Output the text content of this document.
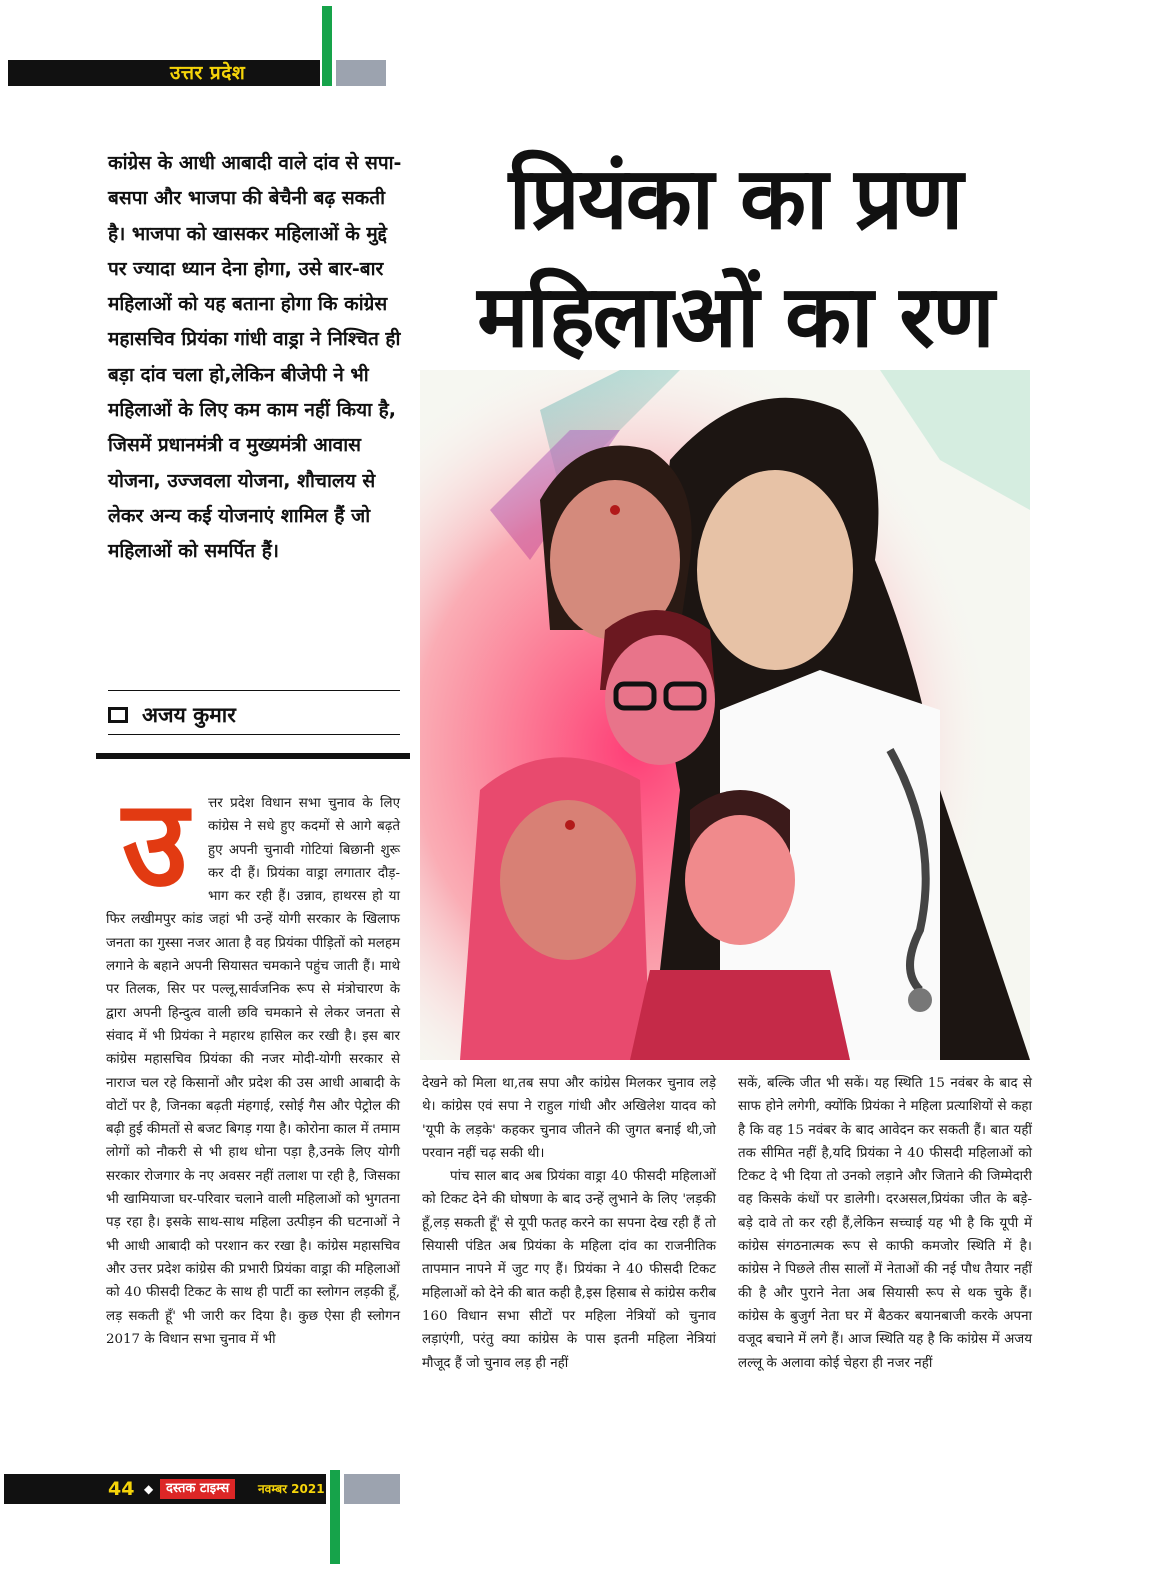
उत्तर प्रदेश
कांग्रेस के आधी आबादी वाले दांव से सपा-बसपा और भाजपा की बेचैनी बढ़ सकती है। भाजपा को खासकर महिलाओं के मुद्दे पर ज्यादा ध्यान देना होगा, उसे बार-बार महिलाओं को यह बताना होगा कि कांग्रेस महासचिव प्रियंका गांधी वाड्रा ने निश्चित ही बड़ा दांव चला हो,लेकिन बीजेपी ने भी महिलाओं के लिए कम काम नहीं किया है, जिसमें प्रधानमंत्री व मुख्यमंत्री आवास योजना, उज्जवला योजना, शौचालय से लेकर अन्य कई योजनाएं शामिल हैं जो महिलाओं को समर्पित हैं।
अजय कुमार
प्रियंका का प्रण
महिलाओं का रण
उ	त्तर प्रदेश विधान सभा चुनाव के लिए कांग्रेस ने सधे हुए कदमों से आगे बढ़ते हुए अपनी चुनावी गोटियां बिछानी शुरू कर दी हैं। प्रियंका वाड्रा लगातार दौड़-भाग कर रही हैं। उन्नाव, हाथरस हो या फिर लखीमपुर कांड जहां भी उन्हें योगी सरकार के खिलाफ जनता का गुस्सा नजर आता है वह प्रियंका पीड़ितों को मलहम लगाने के बहाने अपनी सियासत चमकाने पहुंच जाती हैं। माथे पर तिलक, सिर पर पल्लू,सार्वजनिक रूप से मंत्रोचारण के द्वारा अपनी हिन्दुत्व वाली छवि चमकाने से लेकर जनता से संवाद में भी प्रियंका ने महारथ हासिल कर रखी है। इस बार कांग्रेस महासचिव प्रियंका की नजर मोदी-योगी सरकार से नाराज चल रहे किसानों और प्रदेश की उस आधी आबादी के वोटों पर है, जिनका बढ़ती मंहगाई, रसोई गैस और पेट्रोल की बढ़ी हुई कीमतों से बजट बिगड़ गया है। कोरोना काल में तमाम लोगों को नौकरी से भी हाथ धोना पड़ा है,उनके लिए योगी सरकार रोजगार के नए अवसर नहीं तलाश पा रही है, जिसका भी खामियाजा घर-परिवार चलाने वाली महिलाओं को भुगतना पड़ रहा है। इसके साथ-साथ महिला उत्पीड़न की घटनाओं ने भी आधी आबादी को परशान कर रखा है। कांग्रेस महासचिव और उत्तर प्रदेश कांग्रेस की प्रभारी प्रियंका वाड्रा की महिलाओं को 40 फीसदी टिकट के साथ ही पार्टी का स्लोगन लड़की हूँ, लड़ सकती हूँ' भी जारी कर दिया है। कुछ ऐसा ही स्लोगन 2017 के विधान सभा चुनाव में भी

देखने को मिला था,तब सपा और कांग्रेस मिलकर चुनाव लड़े थे। कांग्रेस एवं सपा ने राहुल गांधी और अखिलेश यादव को 'यूपी के लड़के' कहकर चुनाव जीतने की जुगत बनाई थी,जो परवान नहीं चढ़ सकी थी।

पांच साल बाद अब प्रियंका वाड्रा 40 फीसदी महिलाओं को टिकट देने की घोषणा के बाद उन्हें लुभाने के लिए 'लड़की हूँ,लड़ सकती हूँ' से यूपी फतह करने का सपना देख रही हैं तो सियासी पंडित अब प्रियंका के महिला दांव का राजनीतिक तापमान नापने में जुट गए हैं। प्रियंका ने 40 फीसदी टिकट महिलाओं को देने की बात कही है,इस हिसाब से कांग्रेस करीब 160 विधान सभा सीटों पर महिला नेत्रियों को चुनाव लड़ाएंगी, परंतु क्या कांग्रेस के पास इतनी महिला नेत्रियां मौजूद हैं जो चुनाव लड़ ही नहीं

सकें, बल्कि जीत भी सकें। यह स्थिति 15 नवंबर के बाद से साफ होने लगेगी, क्योंकि प्रियंका ने महिला प्रत्याशियों से कहा है कि वह 15 नवंबर के बाद आवेदन कर सकती हैं। बात यहीं तक सीमित नहीं है,यदि प्रियंका ने 40 फीसदी महिलाओं को टिकट दे भी दिया तो उनको लड़ाने और जिताने की जिम्मेदारी वह किसके कंधों पर डालेगी। दरअसल,प्रियंका जीत के बड़े-बड़े दावे तो कर रही हैं,लेकिन सच्चाई यह भी है कि यूपी में कांग्रेस संगठनात्मक रूप से काफी कमजोर स्थिति में है। कांग्रेस ने पिछले तीस सालों में नेताओं की नई पौध तैयार नहीं की है और पुराने नेता अब सियासी रूप से थक चुके हैं। कांग्रेस के बुजुर्ग नेता घर में बैठकर बयानबाजी करके अपना वजूद बचाने में लगे हैं। आज स्थिति यह है कि कांग्रेस में अजय लल्लू के अलावा कोई चेहरा ही नजर नहीं

44 ◆ दस्तक टाइम्स	नवम्बर 2021
